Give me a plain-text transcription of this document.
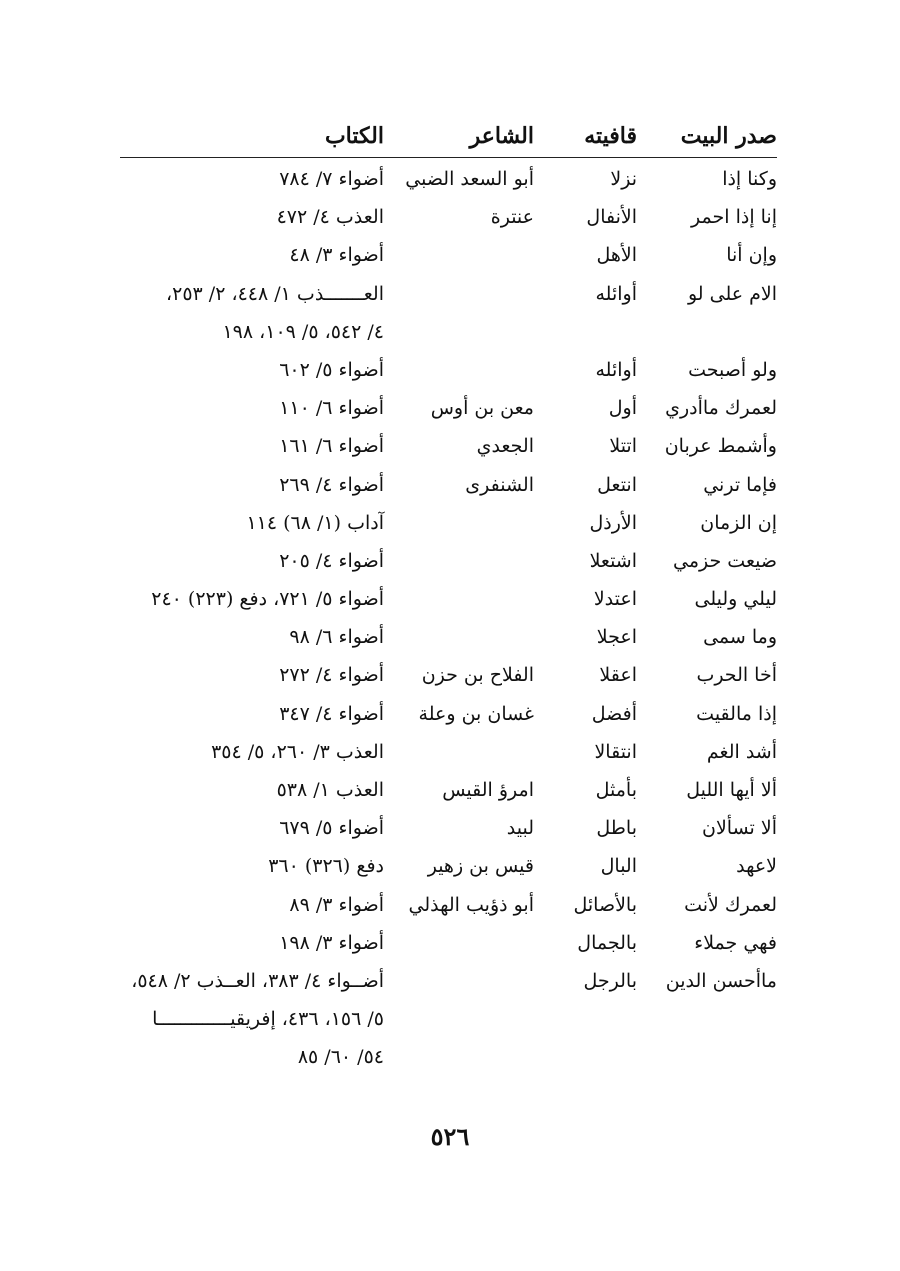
صدر البيت
قافيته
الشاعر
الكتاب
وكنا إذا
نزلا
أبو السعد الضبي
أضواء ٧/ ٧٨٤
إنا إذا احمر
الأنفال
عنترة
العذب ٤/ ٤٧٢
وإن أنا
الأهل
أضواء ٣/ ٤٨
الام على لو
أوائله
العـــــــذب ١/ ٤٤٨، ٢/ ٢٥٣،
٤/ ٥٤٢، ٥/ ١٠٩، ١٩٨
ولو أصبحت
أوائله
أضواء ٥/ ٦٠٢
لعمرك ماأدري
أول
معن بن أوس
أضواء ٦/ ١١٠
وأشمط عربان
اتتلا
الجعدي
أضواء ٦/ ١٦١
فإما ترني
انتعل
الشنفرى
أضواء ٤/ ٢٦٩
إن الزمان
الأرذل
آداب (١/ ٦٨) ١١٤
ضيعت حزمي
اشتعلا
أضواء ٤/ ٢٠٥
ليلي وليلى
اعتدلا
أضواء ٥/ ٧٢١، دفع (٢٢٣) ٢٤٠
وما سمى
اعجلا
أضواء ٦/ ٩٨
أخا الحرب
اعقلا
الفلاح بن حزن
أضواء ٤/ ٢٧٢
إذا مالقيت
أفضل
غسان بن وعلة
أضواء ٤/ ٣٤٧
أشد الغم
انتقالا
العذب ٣/ ٢٦٠، ٥/ ٣٥٤
ألا أيها الليل
بأمثل
امرؤ القيس
العذب ١/ ٥٣٨
ألا تسألان
باطل
لبيد
أضواء ٥/ ٦٧٩
لاعهد
البال
قيس بن زهير
دفع (٣٢٦) ٣٦٠
لعمرك لأنت
بالأصائل
أبو ذؤيب الهذلي
أضواء ٣/ ٨٩
فهي جملاء
بالجمال
أضواء ٣/ ١٩٨
ماأحسن الدين
بالرجل
أضــواء ٤/ ٣٨٣، العــذب ٢/ ٥٤٨،
٥/ ١٥٦، ٤٣٦، إفريقيـــــــــــــا
٥٤/ ٦٠/ ٨٥
٥٢٦
